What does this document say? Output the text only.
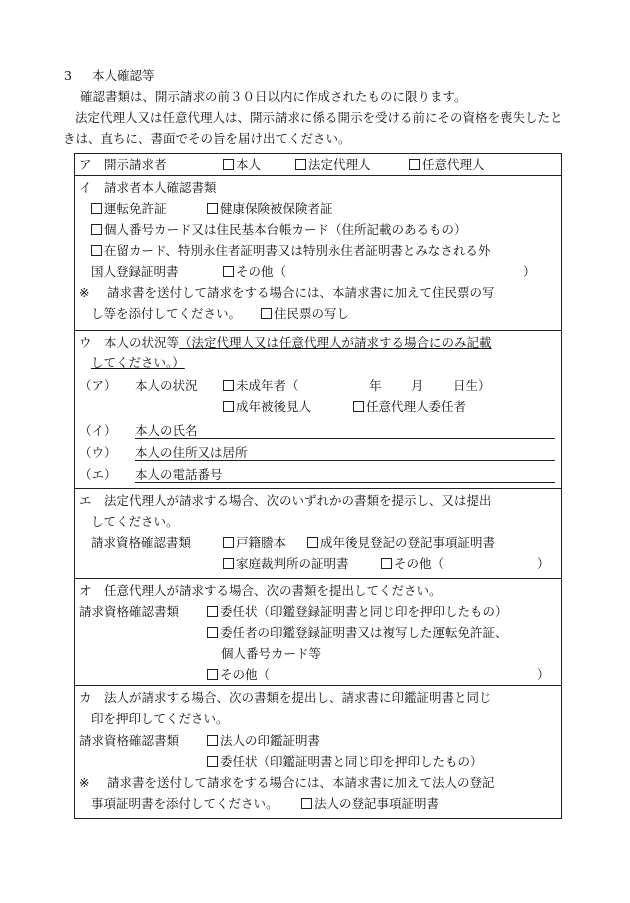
3 本人確認等
確認書類は、開示請求の前３０日以内に作成されたものに限ります。
法定代理人又は任意代理人は、開示請求に係る開示を受ける前にその資格を喪失したときは、直ちに、書面でその旨を届け出てください。
ア　開示請求者	本人	法定代理人	任意代理人
イ　請求者本人確認書類
運転免許証	健康保険被保険者証
個人番号カード又は住民基本台帳カード（住所記載のあるもの）
在留カード、特別永住者証明書又は特別永住者証明書とみなされる外
国人登録証明書	その他（	）
※ 請求書を送付して請求をする場合には、本請求書に加えて住民票の写
し等を添付してください。	住民票の写し
ウ　本人の状況等（法定代理人又は任意代理人が請求する場合にのみ記載
してください。）
（ア） 本人の状況	未成年者（	年 月 日生）
成年被後見人	任意代理人委任者
（イ） 本人の氏名
（ウ） 本人の住所又は居所
（エ） 本人の電話番号
エ　法定代理人が請求する場合、次のいずれかの書類を提示し、又は提出
してください。
請求資格確認書類	戸籍謄本	成年後見登記の登記事項証明書
家庭裁判所の証明書	その他（	）
オ　任意代理人が請求する場合、次の書類を提出してください。
請求資格確認書類	委任状（印鑑登録証明書と同じ印を押印したもの）
委任者の印鑑登録証明書又は複写した運転免許証、
個人番号カード等
その他（	）
カ　法人が請求する場合、次の書類を提出し、請求書に印鑑証明書と同じ
印を押印してください。
請求資格確認書類	法人の印鑑証明書
委任状（印鑑証明書と同じ印を押印したもの）
※ 請求書を送付して請求をする場合には、本請求書に加えて法人の登記
事項証明書を添付してください。	法人の登記事項証明書
